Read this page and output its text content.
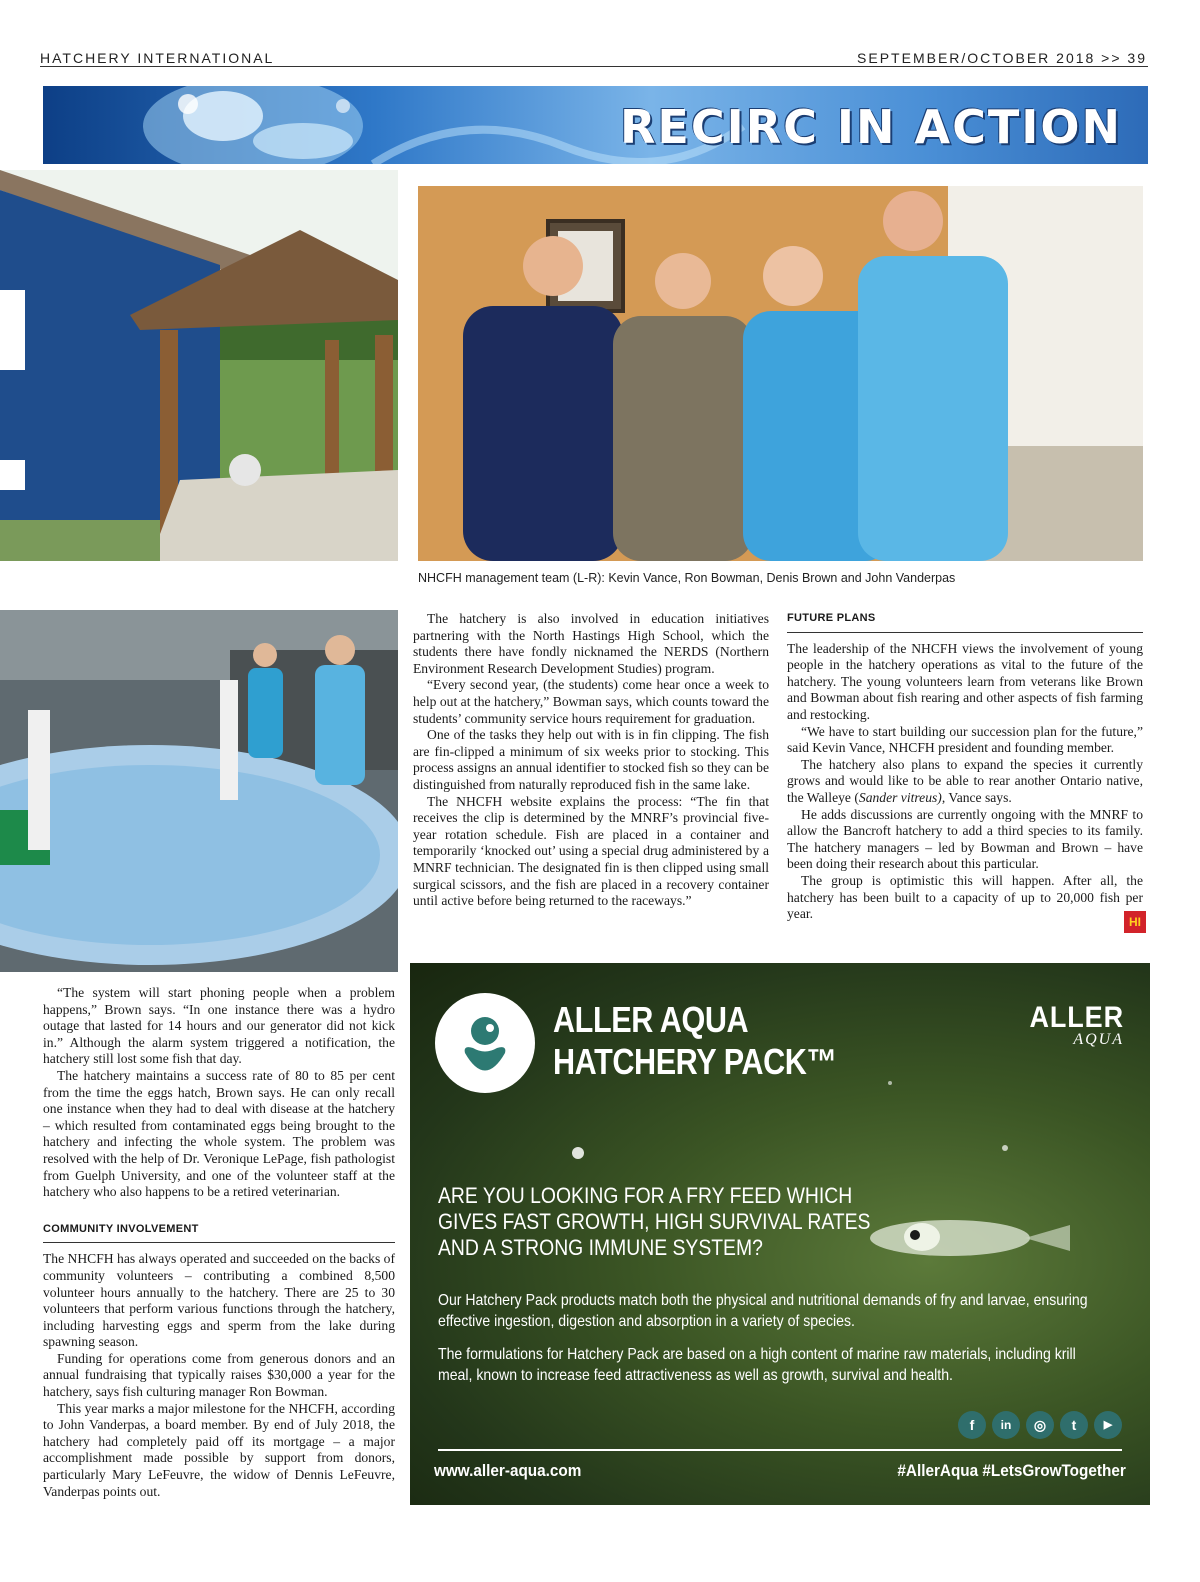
HATCHERY INTERNATIONAL	SEPTEMBER/OCTOBER 2018 >> 39
RECIRC IN ACTION
NHCFH management team (L-R): Kevin Vance, Ron Bowman, Denis Brown and John Vanderpas

The hatchery is also involved in education initiatives partnering with the North Hastings High School, which the students there have fondly nicknamed the NERDS (Northern Environment Research Development Studies) program.

“Every second year, (the students) come hear once a week to help out at the hatchery,” Bowman says, which counts toward the students’ community service hours requirement for graduation.

One of the tasks they help out with is in fin clipping. The fish are fin-clipped a minimum of six weeks prior to stocking. This process assigns an annual identifier to stocked fish so they can be distinguished from naturally reproduced fish in the same lake.

The NHCFH website explains the process: “The fin that receives the clip is determined by the MNRF’s provincial five-year rotation schedule. Fish are placed in a container and temporarily ‘knocked out’ using a special drug administered by a MNRF technician. The designated fin is then clipped using small surgical scissors, and the fish are placed in a recovery container until active before being returned to the raceways.”

FUTURE PLANS

The leadership of the NHCFH views the involvement of young people in the hatchery operations as vital to the future of the hatchery. The young volunteers learn from veterans like Brown and Bowman about fish rearing and other aspects of fish farming and restocking.

“We have to start building our succession plan for the future,” said Kevin Vance, NHCFH president and founding member.

The hatchery also plans to expand the species it currently grows and would like to be able to rear another Ontario native, the Walleye (Sander vitreus), Vance says.

He adds discussions are currently ongoing with the MNRF to allow the Bancroft hatchery to add a third species to its family. The hatchery managers – led by Bowman and Brown – have been doing their research about this particular.

The group is optimistic this will happen. After all, the hatchery has been built to a capacity of up to 20,000 fish per year.

HI

“The system will start phoning people when a problem happens,” Brown says. “In one instance there was a hydro outage that lasted for 14 hours and our generator did not kick in.” Although the alarm system triggered a notification, the hatchery still lost some fish that day.

The hatchery maintains a success rate of 80 to 85 per cent from the time the eggs hatch, Brown says. He can only recall one instance when they had to deal with disease at the hatchery – which resulted from contaminated eggs being brought to the hatchery and infecting the whole system. The problem was resolved with the help of Dr. Veronique LePage, fish pathologist from Guelph University, and one of the volunteer staff at the hatchery who also happens to be a retired veterinarian.

COMMUNITY INVOLVEMENT

The NHCFH has always operated and succeeded on the backs of community volunteers – contributing a combined 8,500 volunteer hours annually to the hatchery. There are 25 to 30 volunteers that perform various functions through the hatchery, including harvesting eggs and sperm from the lake during spawning season.

Funding for operations come from generous donors and an annual fundraising that typically raises $30,000 a year for the hatchery, says fish culturing manager Ron Bowman.

This year marks a major milestone for the NHCFH, according to John Vanderpas, a board member. By end of July 2018, the hatchery had completely paid off its mortgage – a major accomplishment made possible by support from donors, particularly Mary LeFeuvre, the widow of Dennis LeFeuvre, Vanderpas points out.

ALLER AQUA
HATCHERY PACK™
ALLER
AQUA
ARE YOU LOOKING FOR A FRY FEED WHICH GIVES FAST GROWTH, HIGH SURVIVAL RATES AND A STRONG IMMUNE SYSTEM?
Our Hatchery Pack products match both the physical and nutritional demands of fry and larvae, ensuring effective ingestion, digestion and absorption in a variety of species.
The formulations for Hatchery Pack are based on a high content of marine raw materials, including krill meal, known to increase feed attractiveness as well as growth, survival and health.
f	in	◎	t	▶
www.aller-aqua.com	#AllerAqua #LetsGrowTogether
